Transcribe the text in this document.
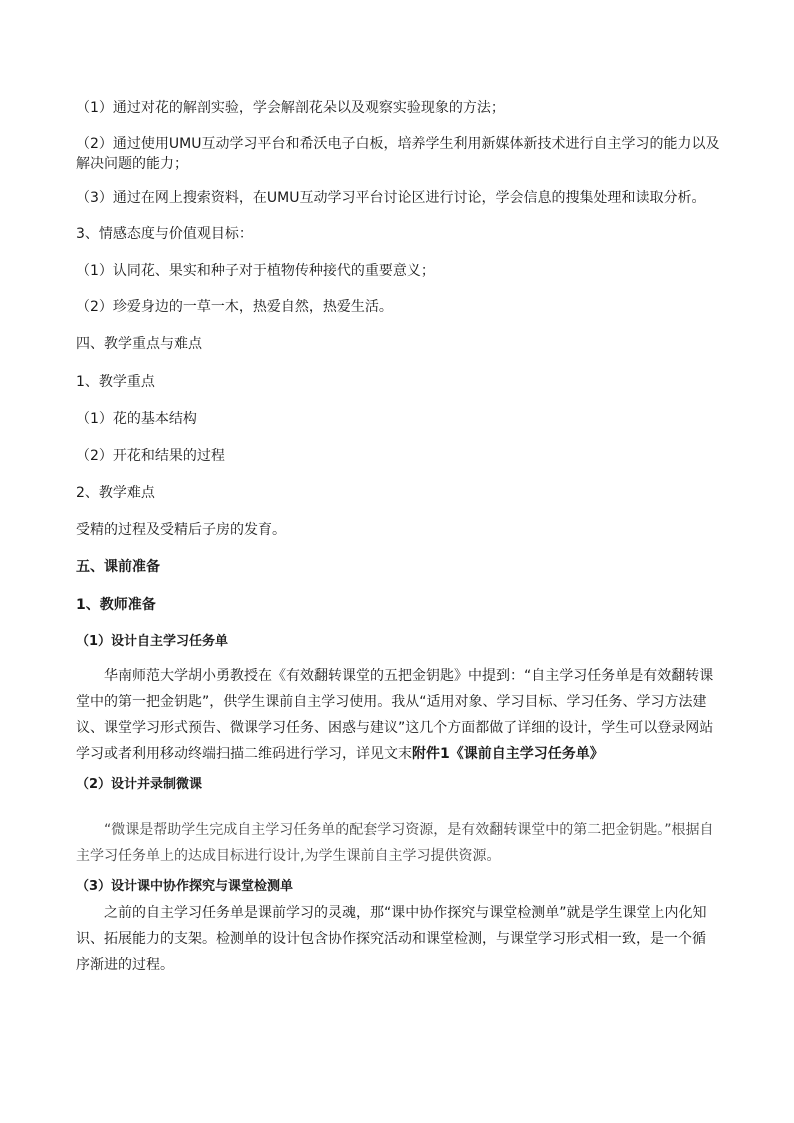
（1）通过对花的解剖实验，学会解剖花朵以及观察实验现象的方法；
（2）通过使用UMU互动学习平台和希沃电子白板，培养学生利用新媒体新技术进行自主学习的能力以及
解决问题的能力；
（3）通过在网上搜索资料，在UMU互动学习平台讨论区进行讨论，学会信息的搜集处理和读取分析。
3、情感态度与价值观目标：
（1）认同花、果实和种子对于植物传种接代的重要意义；
（2）珍爱身边的一草一木，热爱自然，热爱生活。
四、教学重点与难点
1、教学重点
（1）花的基本结构
（2）开花和结果的过程
2、教学难点
受精的过程及受精后子房的发育。
五、课前准备
1、教师准备
（1）设计自主学习任务单
华南师范大学胡小勇教授在《有效翻转课堂的五把金钥匙》中提到：“自主学习任务单是有效翻转课堂中的第一把金钥匙”，供学生课前自主学习使用。我从“适用对象、学习目标、学习任务、学习方法建议、课堂学习形式预告、微课学习任务、困惑与建议”这几个方面都做了详细的设计，学生可以登录网站学习或者利用移动终端扫描二维码进行学习，详见文末附件1《课前自主学习任务单》
（2）设计并录制微课
“微课是帮助学生完成自主学习任务单的配套学习资源，是有效翻转课堂中的第二把金钥匙。”根据自主学习任务单上的达成目标进行设计,为学生课前自主学习提供资源。
（3）设计课中协作探究与课堂检测单
之前的自主学习任务单是课前学习的灵魂，那“课中协作探究与课堂检测单”就是学生课堂上内化知识、拓展能力的支架。检测单的设计包含协作探究活动和课堂检测，与课堂学习形式相一致，是一个循序渐进的过程。
